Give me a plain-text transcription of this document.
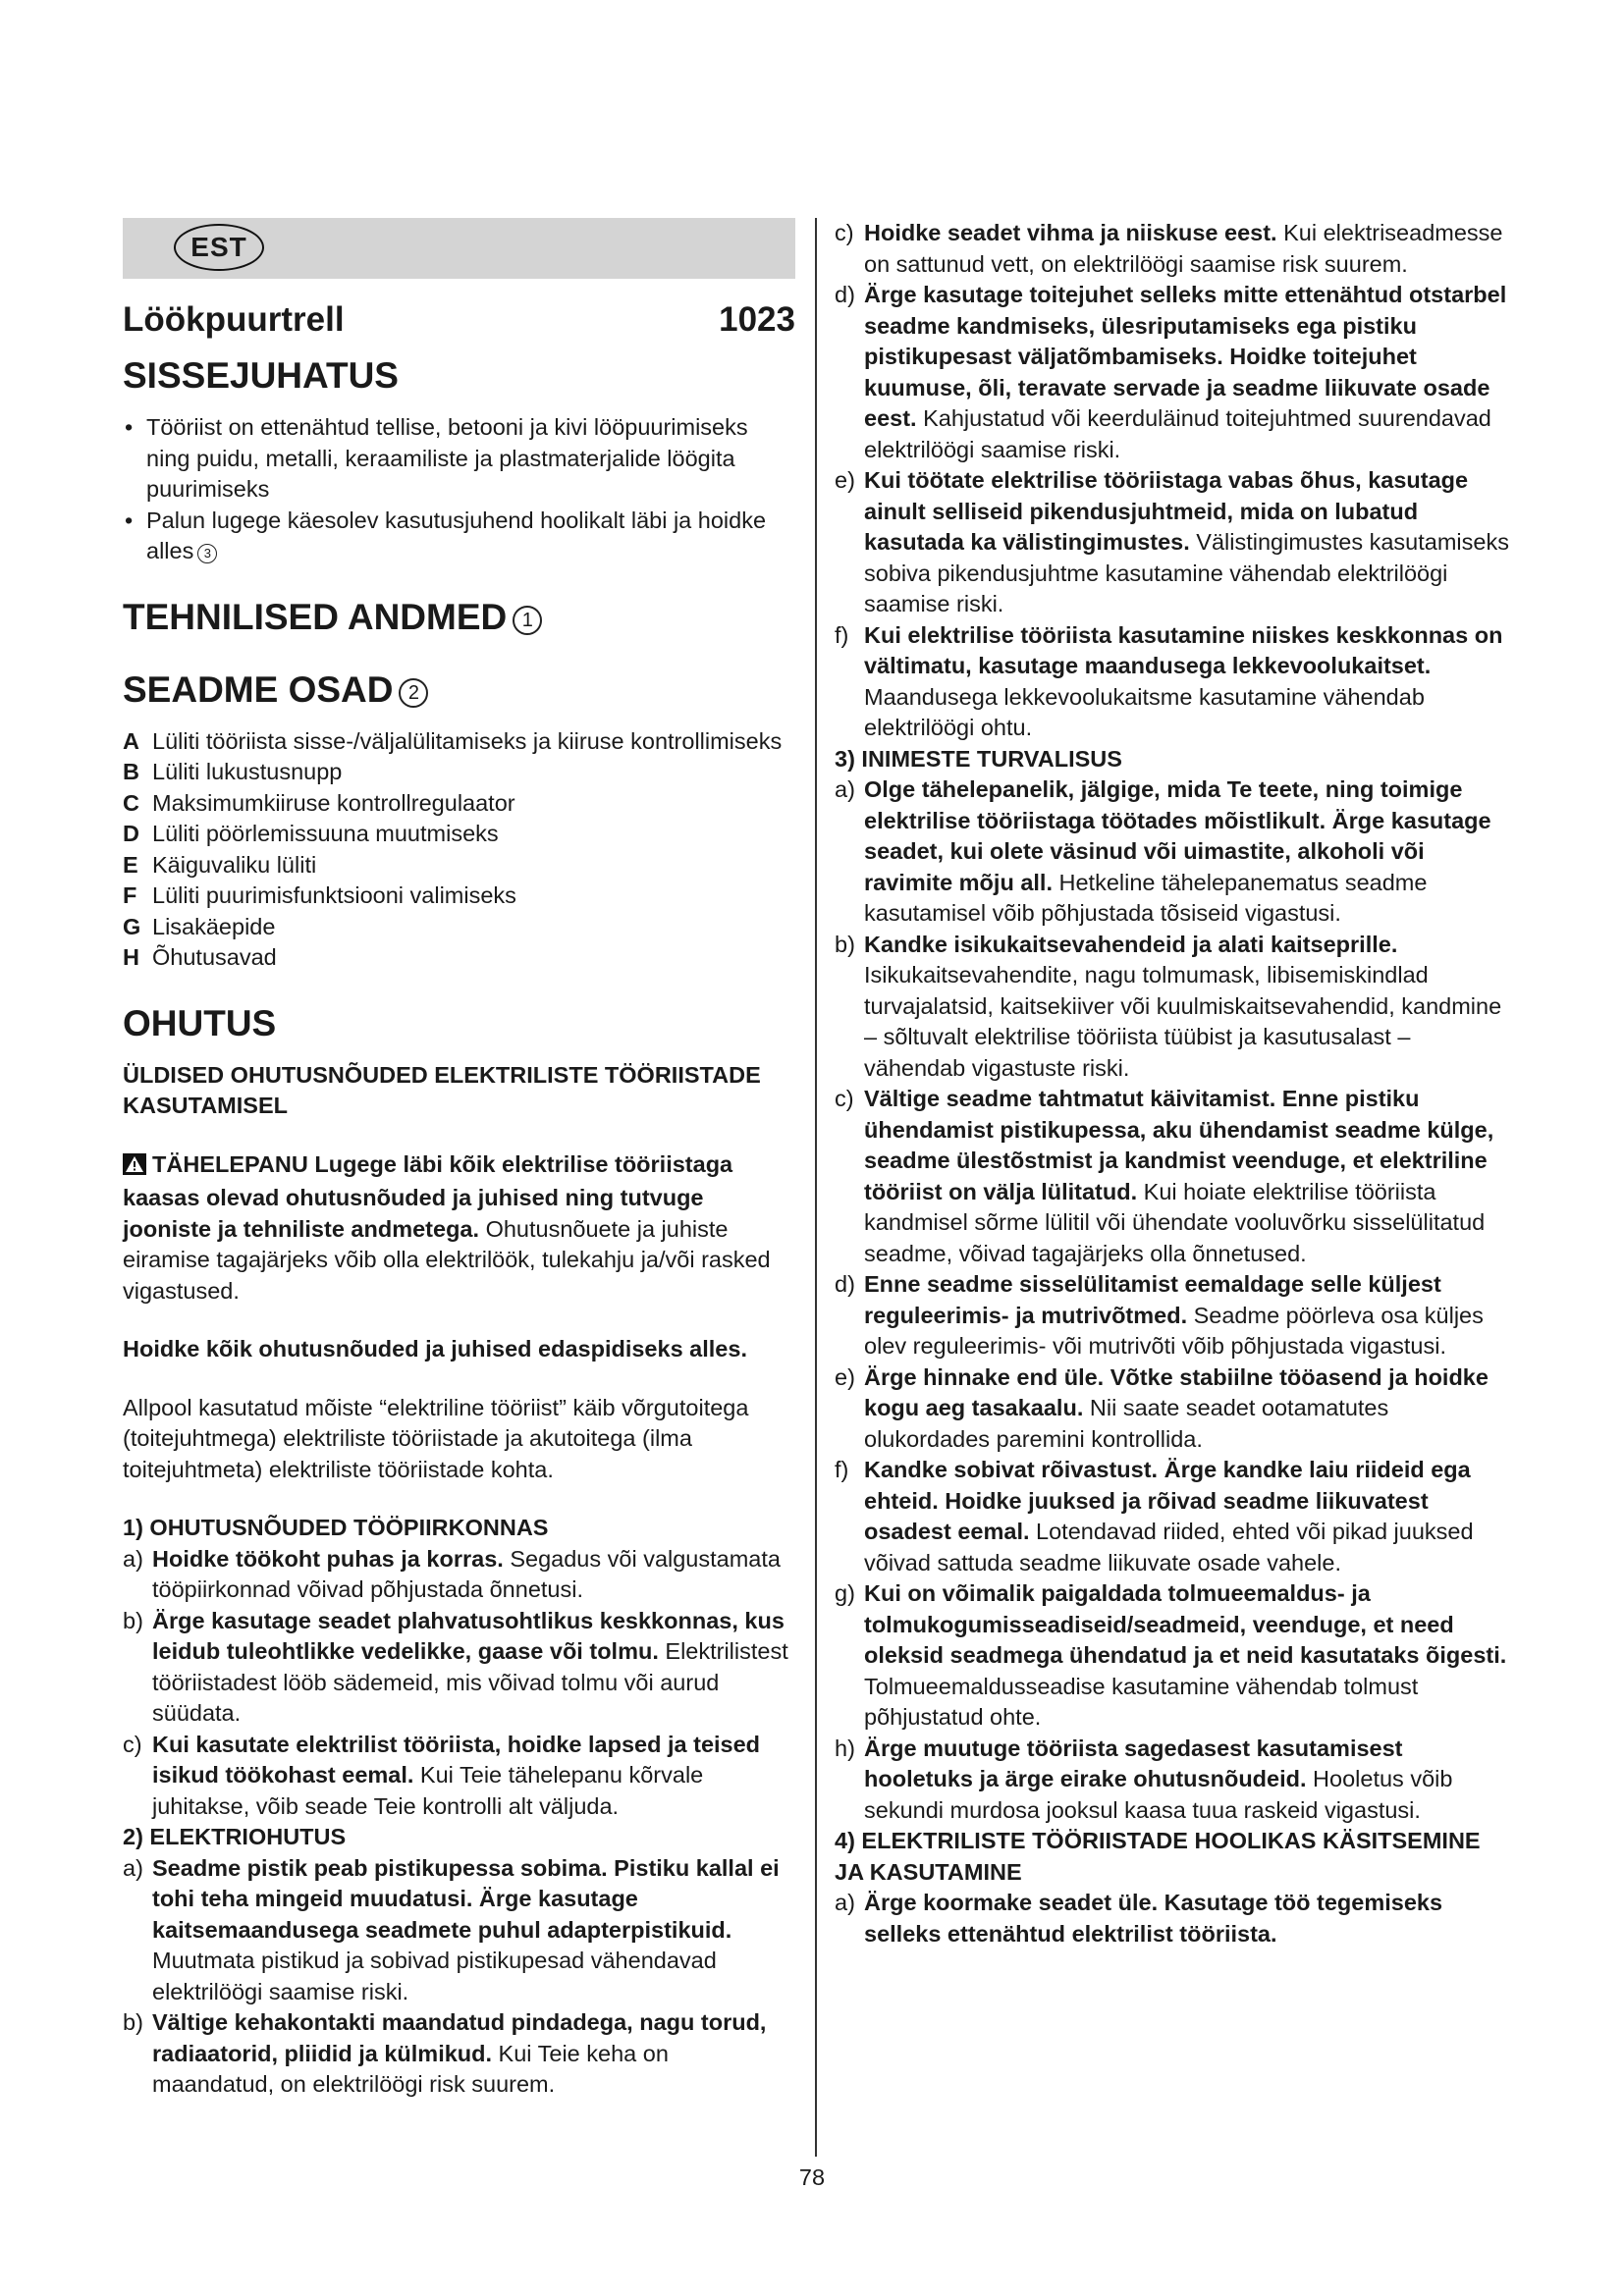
EST
Löökpuurtrell	1023
SISSEJUHATUS
• Tööriist on ettenähtud tellise, betooni ja kivi lööpuurimiseks ning puidu, metalli, keraamiliste ja plastmaterjalide löögita puurimiseks
• Palun lugege käesolev kasutusjuhend hoolikalt läbi ja hoidke alles 3
TEHNILISED ANDMED 1
SEADME OSAD 2
A Lüliti tööriista sisse-/väljalülitamiseks ja kiiruse kontrollimiseks
B Lüliti lukustusnupp
C Maksimumkiiruse kontrollregulaator
D Lüliti pöörlemissuuna muutmiseks
E Käiguvaliku lüliti
F Lüliti puurimisfunktsiooni valimiseks
G Lisakäepide
H Õhutusavad
OHUTUS
ÜLDISED OHUTUSNÕUDED ELEKTRILISTE TÖÖRIISTADE KASUTAMISEL
TÄHELEPANU Lugege läbi kõik elektrilise tööriistaga kaasas olevad ohutusnõuded ja juhised ning tutvuge jooniste ja tehniliste andmetega. Ohutusnõuete ja juhiste eiramise tagajärjeks võib olla elektrilöök, tulekahju ja/või rasked vigastused.
Hoidke kõik ohutusnõuded ja juhised edaspidiseks alles.
Allpool kasutatud mõiste “elektriline tööriist” käib võrgutoitega (toitejuhtmega) elektriliste tööriistade ja akutoitega (ilma toitejuhtmeta) elektriliste tööriistade kohta.
1) OHUTUSNÕUDED TÖÖPIIRKONNAS
a) Hoidke töökoht puhas ja korras. Segadus või valgustamata tööpiirkonnad võivad põhjustada õnnetusi.
b) Ärge kasutage seadet plahvatusohtlikus keskkonnas, kus leidub tuleohtlikke vedelikke, gaase või tolmu. Elektrilistest tööriistadest lööb sädemeid, mis võivad tolmu või aurud süüdata.
c) Kui kasutate elektrilist tööriista, hoidke lapsed ja teised isikud töökohast eemal. Kui Teie tähelepanu kõrvale juhitakse, võib seade Teie kontrolli alt väljuda.
2) ELEKTRIOHUTUS
a) Seadme pistik peab pistikupessa sobima. Pistiku kallal ei tohi teha mingeid muudatusi. Ärge kasutage kaitsemaandusega seadmete puhul adapterpistikuid. Muutmata pistikud ja sobivad pistikupesad vähendavad elektrilöögi saamise riski.
b) Vältige kehakontakti maandatud pindadega, nagu torud, radiaatorid, pliidid ja külmikud. Kui Teie keha on maandatud, on elektrilöögi risk suurem.
c) Hoidke seadet vihma ja niiskuse eest. Kui elektriseadmesse on sattunud vett, on elektrilöögi saamise risk suurem.
d) Ärge kasutage toitejuhet selleks mitte ettenähtud otstarbel seadme kandmiseks, ülesriputamiseks ega pistiku pistikupesast väljatõmbamiseks. Hoidke toitejuhet kuumuse, õli, teravate servade ja seadme liikuvate osade eest. Kahjustatud või keerduläinud toitejuhtmed suurendavad elektrilöögi saamise riski.
e) Kui töötate elektrilise tööriistaga vabas õhus, kasutage ainult selliseid pikendusjuhtmeid, mida on lubatud kasutada ka välistingimustes. Välistingimustes kasutamiseks sobiva pikendusjuhtme kasutamine vähendab elektrilöögi saamise riski.
f) Kui elektrilise tööriista kasutamine niiskes keskkonnas on vältimatu, kasutage maandusega lekkevoolukaitset. Maandusega lekkevoolukaitsme kasutamine vähendab elektrilöögi ohtu.
3) INIMESTE TURVALISUS
a) Olge tähelepanelik, jälgige, mida Te teete, ning toimige elektrilise tööriistaga töötades mõistlikult. Ärge kasutage seadet, kui olete väsinud või uimastite, alkoholi või ravimite mõju all. Hetkeline tähelepanematus seadme kasutamisel võib põhjustada tõsiseid vigastusi.
b) Kandke isikukaitsevahendeid ja alati kaitseprille. Isikukaitsevahendite, nagu tolmumask, libisemiskindlad turvajalatsid, kaitsekiiver või kuulmiskaitsevahendid, kandmine – sõltuvalt elektrilise tööriista tüübist ja kasutusalast – vähendab vigastuste riski.
c) Vältige seadme tahtmatut käivitamist. Enne pistiku ühendamist pistikupessa, aku ühendamist seadme külge, seadme ülestõstmist ja kandmist veenduge, et elektriline tööriist on välja lülitatud. Kui hoiate elektrilise tööriista kandmisel sõrme lülitil või ühendate vooluvõrku sisselülitatud seadme, võivad tagajärjeks olla õnnetused.
d) Enne seadme sisselülitamist eemaldage selle küljest reguleerimis- ja mutrivõtmed. Seadme pöörleva osa küljes olev reguleerimis- või mutrivõti võib põhjustada vigastusi.
e) Ärge hinnake end üle. Võtke stabiilne tööasend ja hoidke kogu aeg tasakaalu. Nii saate seadet ootamatutes olukordades paremini kontrollida.
f) Kandke sobivat rõivastust. Ärge kandke laiu riideid ega ehteid. Hoidke juuksed ja rõivad seadme liikuvatest osadest eemal. Lotendavad riided, ehted või pikad juuksed võivad sattuda seadme liikuvate osade vahele.
g) Kui on võimalik paigaldada tolmueemaldus- ja tolmukogumisseadiseid/seadmeid, veenduge, et need oleksid seadmega ühendatud ja et neid kasutataks õigesti. Tolmueemaldusseadise kasutamine vähendab tolmust põhjustatud ohte.
h) Ärge muutuge tööriista sagedasest kasutamisest hooletuks ja ärge eirake ohutusnõudeid. Hooletus võib sekundi murdosa jooksul kaasa tuua raskeid vigastusi.
4) ELEKTRILISTE TÖÖRIISTADE HOOLIKAS KÄSITSEMINE JA KASUTAMINE
a) Ärge koormake seadet üle. Kasutage töö tegemiseks selleks ettenähtud elektrilist tööriista.
78
